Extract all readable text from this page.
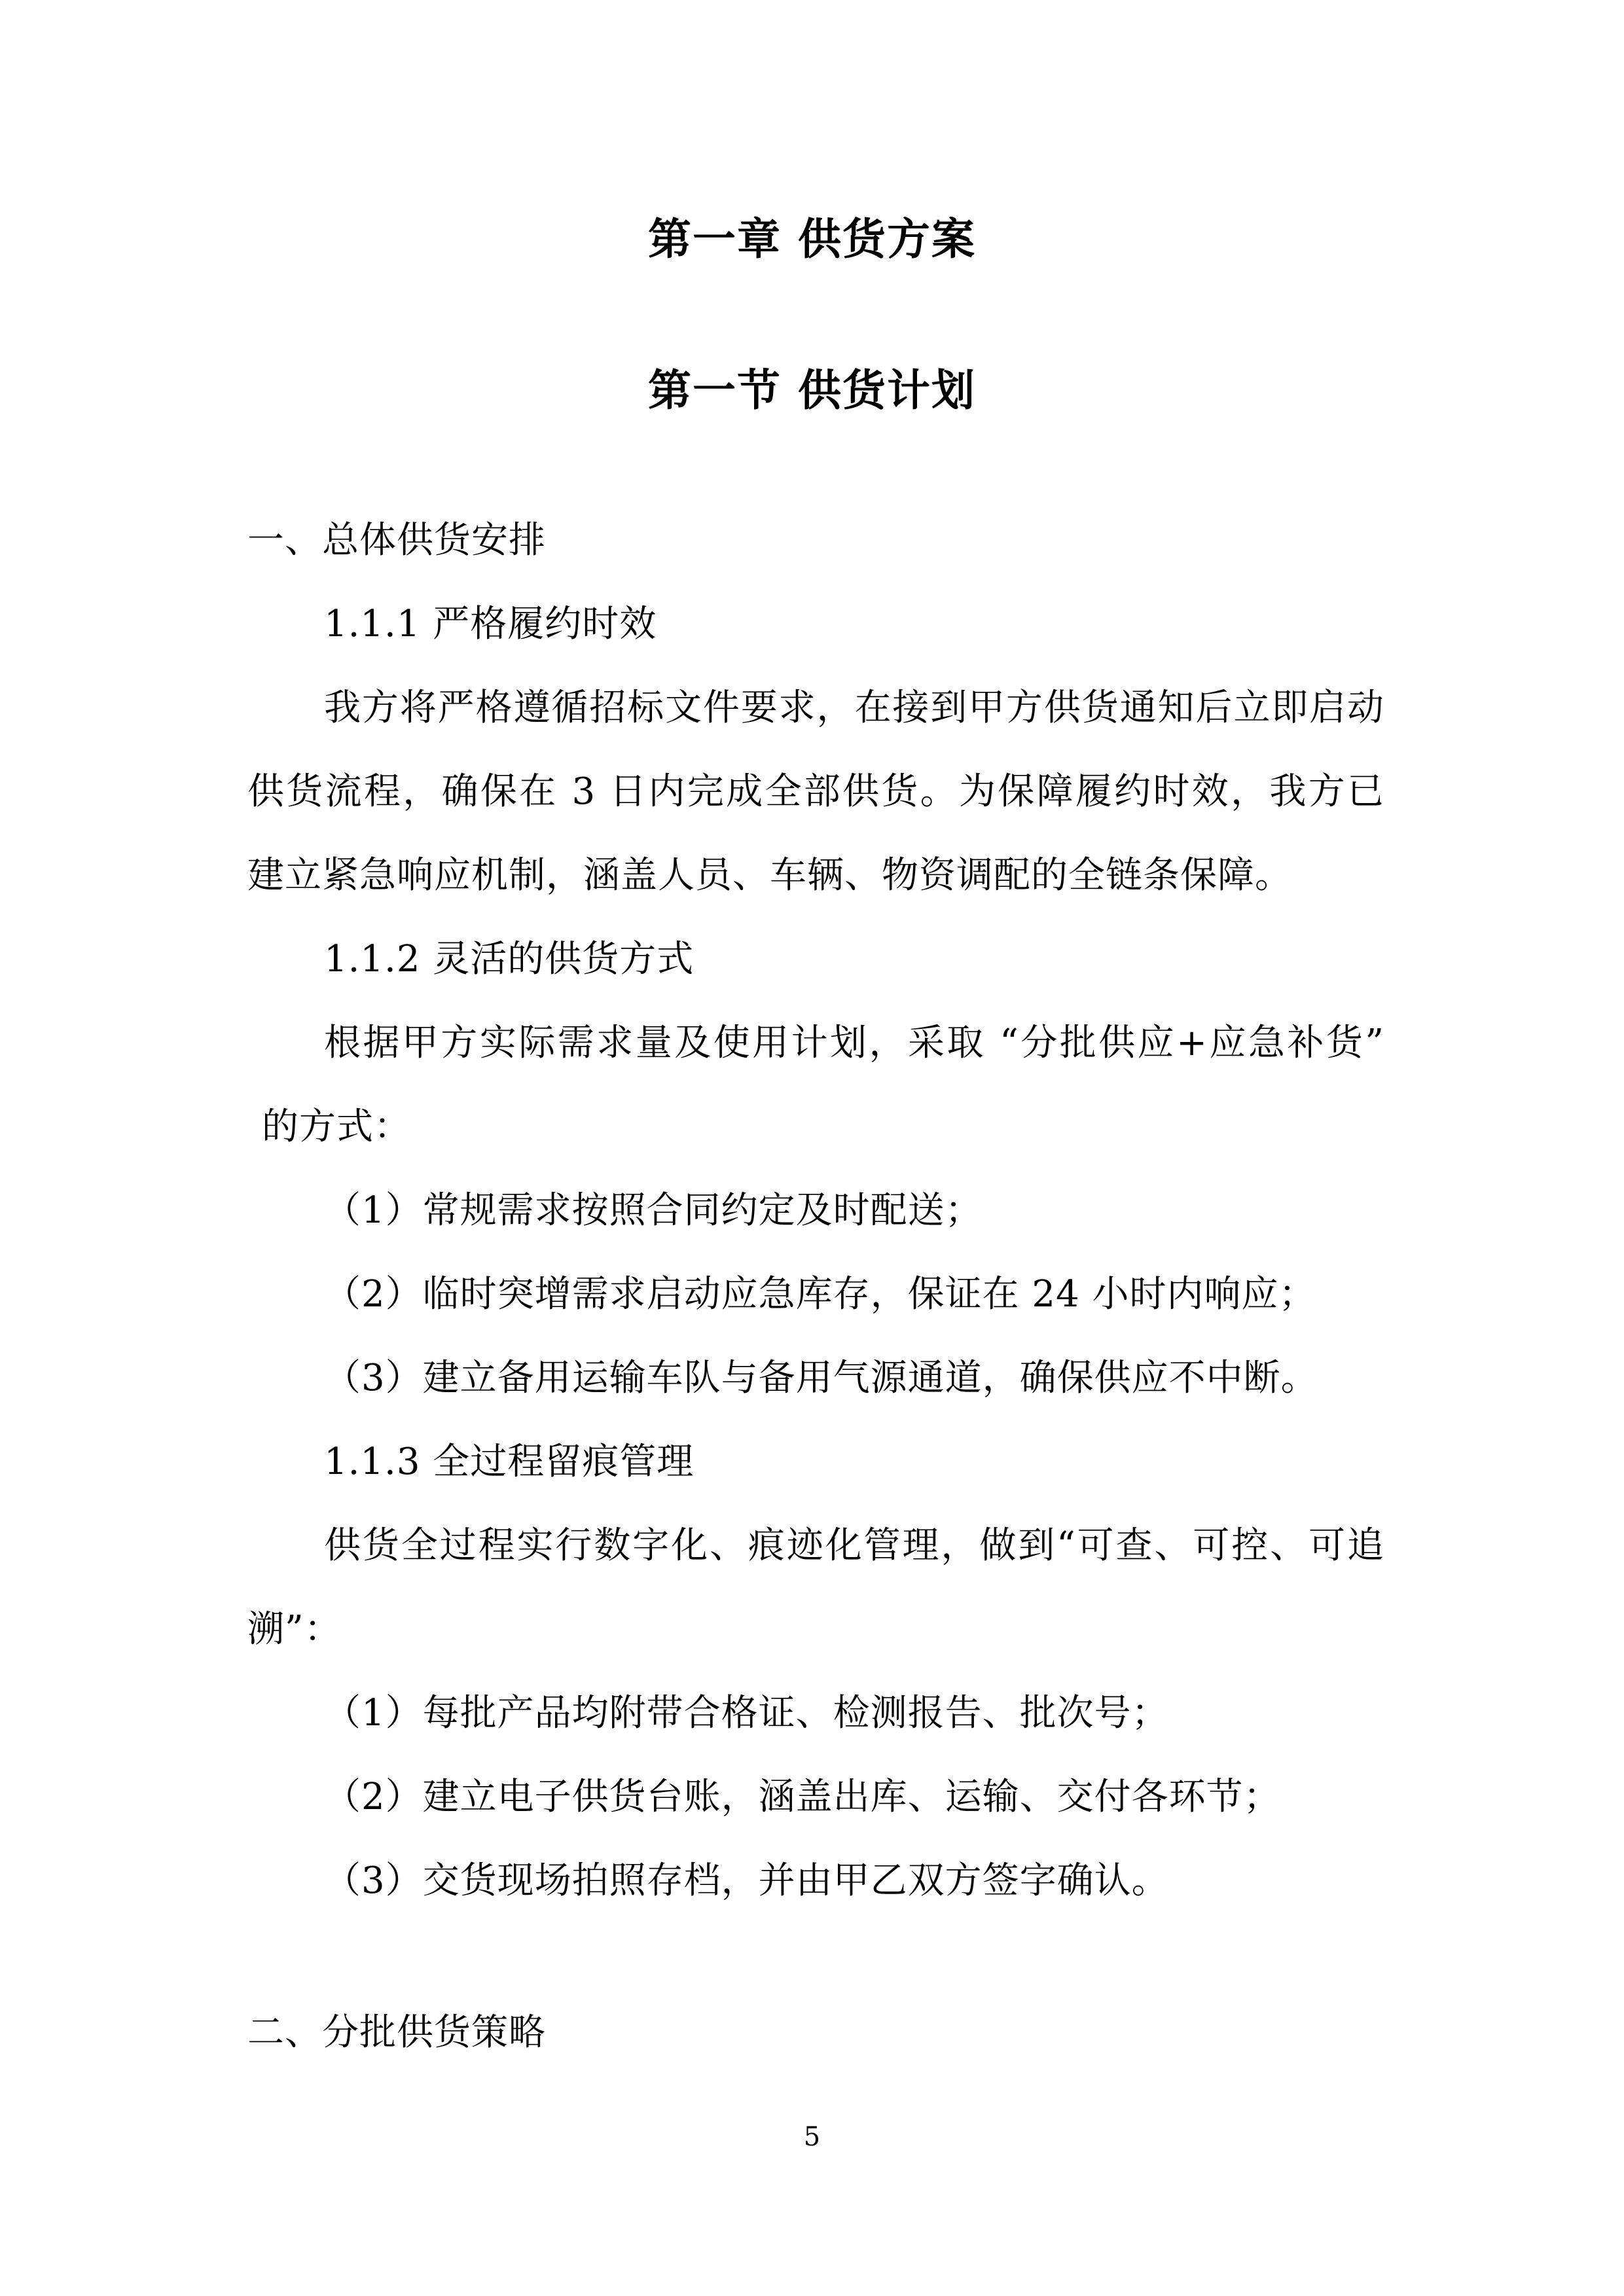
第一章 供货方案
第一节 供货计划
一、总体供货安排
1.1.1 严格履约时效
我方将严格遵循招标文件要求，在接到甲方供货通知后立即启动
供货流程，确保在 3 日内完成全部供货。为保障履约时效，我方已
建立紧急响应机制，涵盖人员、车辆、物资调配的全链条保障。
1.1.2 灵活的供货方式
根据甲方实际需求量及使用计划，采取 “分批供应+应急补货”
的方式：
（1）常规需求按照合同约定及时配送；
（2）临时突增需求启动应急库存，保证在 24 小时内响应；
（3）建立备用运输车队与备用气源通道，确保供应不中断。
1.1.3 全过程留痕管理
供货全过程实行数字化、痕迹化管理，做到“可查、可控、可追
溯”：
（1）每批产品均附带合格证、检测报告、批次号；
（2）建立电子供货台账，涵盖出库、运输、交付各环节；
（3）交货现场拍照存档，并由甲乙双方签字确认。
二、分批供货策略
5
